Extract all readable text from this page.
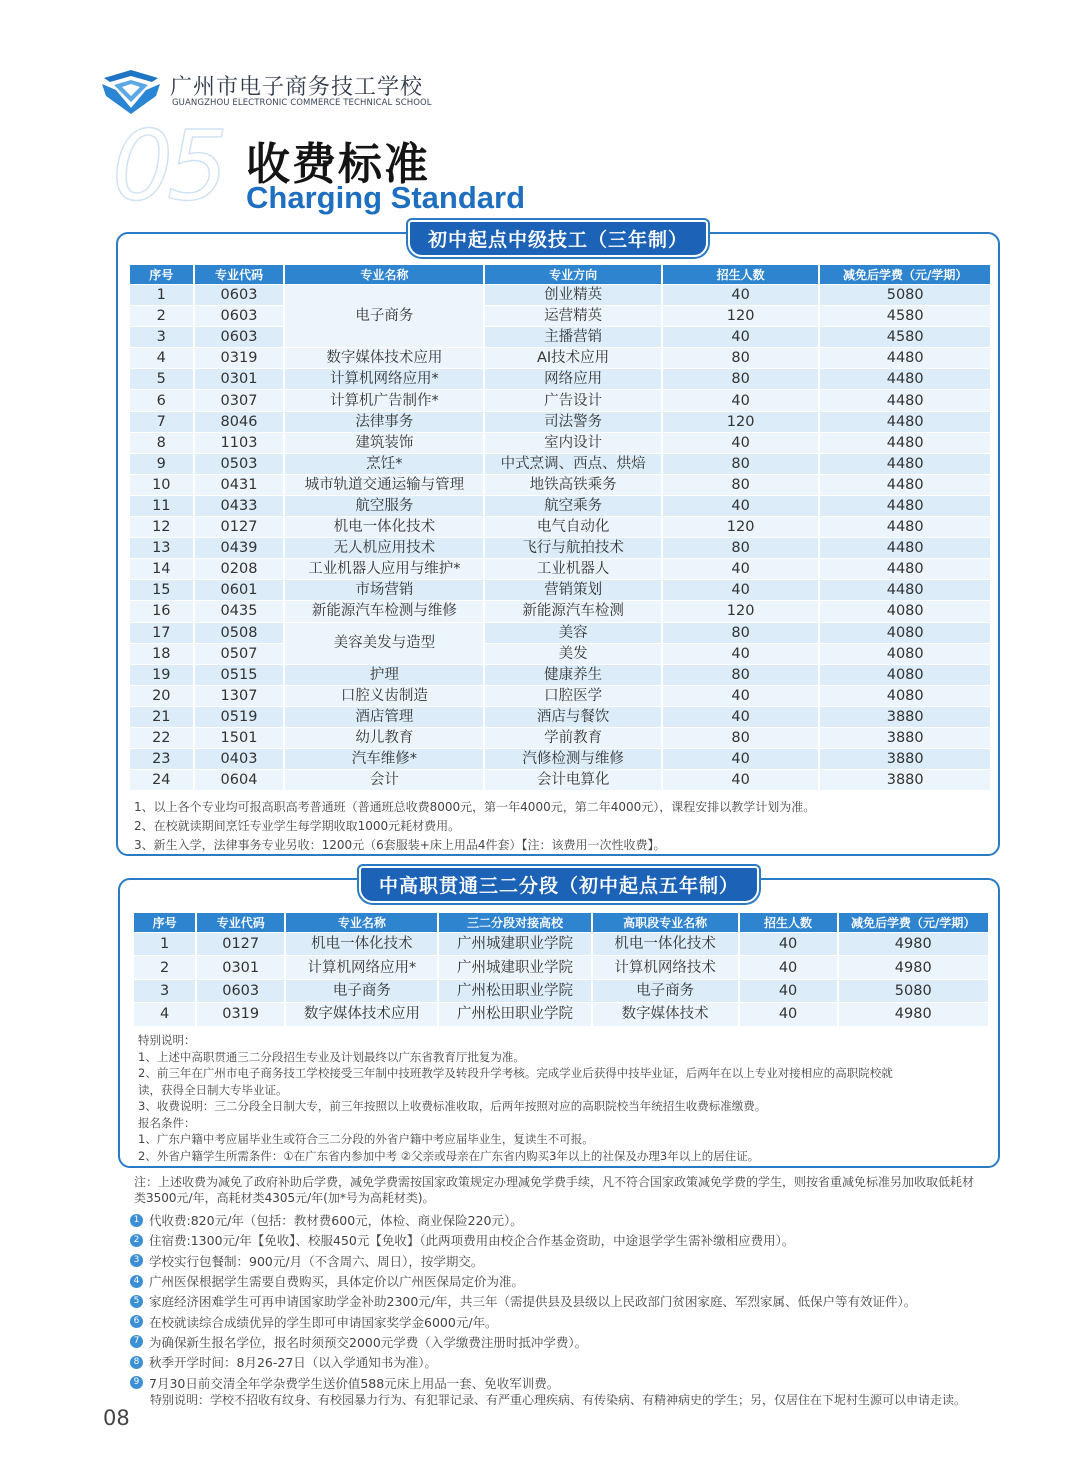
广州市电子商务技工学校
GUANGZHOU ELECTRONIC COMMERCE TECHNICAL SCHOOL
05 收费标准
Charging Standard
初中起点中级技工（三年制）
序号	专业代码	专业名称	专业方向	招生人数	减免后学费（元/学期）
1	0603	电子商务	创业精英	40	5080
2	0603		运营精英	120	4580
3	0603		主播营销	40	4580
4	0319	数字媒体技术应用	AI技术应用	80	4480
5	0301	计算机网络应用*	网络应用	80	4480
6	0307	计算机广告制作*	广告设计	40	4480
7	8046	法律事务	司法警务	120	4480
8	1103	建筑装饰	室内设计	40	4480
9	0503	烹饪*	中式烹调、西点、烘焙	80	4480
10	0431	城市轨道交通运输与管理	地铁高铁乘务	80	4480
11	0433	航空服务	航空乘务	40	4480
12	0127	机电一体化技术	电气自动化	120	4480
13	0439	无人机应用技术	飞行与航拍技术	80	4480
14	0208	工业机器人应用与维护*	工业机器人	40	4480
15	0601	市场营销	营销策划	40	4480
16	0435	新能源汽车检测与维修	新能源汽车检测	120	4080
17	0508	美容美发与造型	美容	80	4080
18	0507		美发	40	4080
19	0515	护理	健康养生	80	4080
20	1307	口腔义齿制造	口腔医学	40	4080
21	0519	酒店管理	酒店与餐饮	40	3880
22	1501	幼儿教育	学前教育	80	3880
23	0403	汽车维修*	汽修检测与维修	40	3880
24	0604	会计	会计电算化	40	3880
1、以上各个专业均可报高职高考普通班（普通班总收费8000元，第一年4000元，第二年4000元），课程安排以教学计划为准。
2、在校就读期间烹饪专业学生每学期收取1000元耗材费用。
3、新生入学，法律事务专业另收：1200元（6套服装+床上用品4件套）【注：该费用一次性收费】。
中高职贯通三二分段（初中起点五年制）
序号	专业代码	专业名称	三二分段对接高校	高职段专业名称	招生人数	减免后学费（元/学期）
1	0127	机电一体化技术	广州城建职业学院	机电一体化技术	40	4980
2	0301	计算机网络应用*	广州城建职业学院	计算机网络技术	40	4980
3	0603	电子商务	广州松田职业学院	电子商务	40	5080
4	0319	数字媒体技术应用	广州松田职业学院	数字媒体技术	40	4980
特别说明：
1、上述中高职贯通三二分段招生专业及计划最终以广东省教育厅批复为准。
2、前三年在广州市电子商务技工学校接受三年制中技班教学及转段升学考核。完成学业后获得中技毕业证，后两年在以上专业对接相应的高职院校就
读，获得全日制大专毕业证。
3、收费说明：三二分段全日制大专，前三年按照以上收费标准收取，后两年按照对应的高职院校当年统招生收费标准缴费。
报名条件：
1、广东户籍中考应届毕业生或符合三二分段的外省户籍中考应届毕业生，复读生不可报。
2、外省户籍学生所需条件：①在广东省内参加中考 ②父亲或母亲在广东省内购买3年以上的社保及办理3年以上的居住证。
注：上述收费为减免了政府补助后学费，减免学费需按国家政策规定办理减免学费手续，凡不符合国家政策减免学费的学生，则按省重减免标准另加收取低耗材类3500元/年，高耗材类4305元/年(加*号为高耗材类)。
1 代收费:820元/年（包括：教材费600元，体检、商业保险220元）。
2 住宿费:1300元/年【免收】、校服450元【免收】（此两项费用由校企合作基金资助，中途退学学生需补缴相应费用）。
3 学校实行包餐制：900元/月（不含周六、周日），按学期交。
4 广州医保根据学生需要自费购买，具体定价以广州医保局定价为准。
5 家庭经济困难学生可再申请国家助学金补助2300元/年，共三年（需提供县及县级以上民政部门贫困家庭、军烈家属、低保户等有效证件）。
6 在校就读综合成绩优异的学生即可申请国家奖学金6000元/年。
7 为确保新生报名学位，报名时须预交2000元学费（入学缴费注册时抵冲学费）。
8 秋季开学时间：8月26-27日（以入学通知书为准）。
9 7月30日前交清全年学杂费学生送价值588元床上用品一套、免收军训费。
特别说明：学校不招收有纹身、有校园暴力行为、有犯罪记录、有严重心理疾病、有传染病、有精神病史的学生；另，仅居住在下坭村生源可以申请走读。
08
